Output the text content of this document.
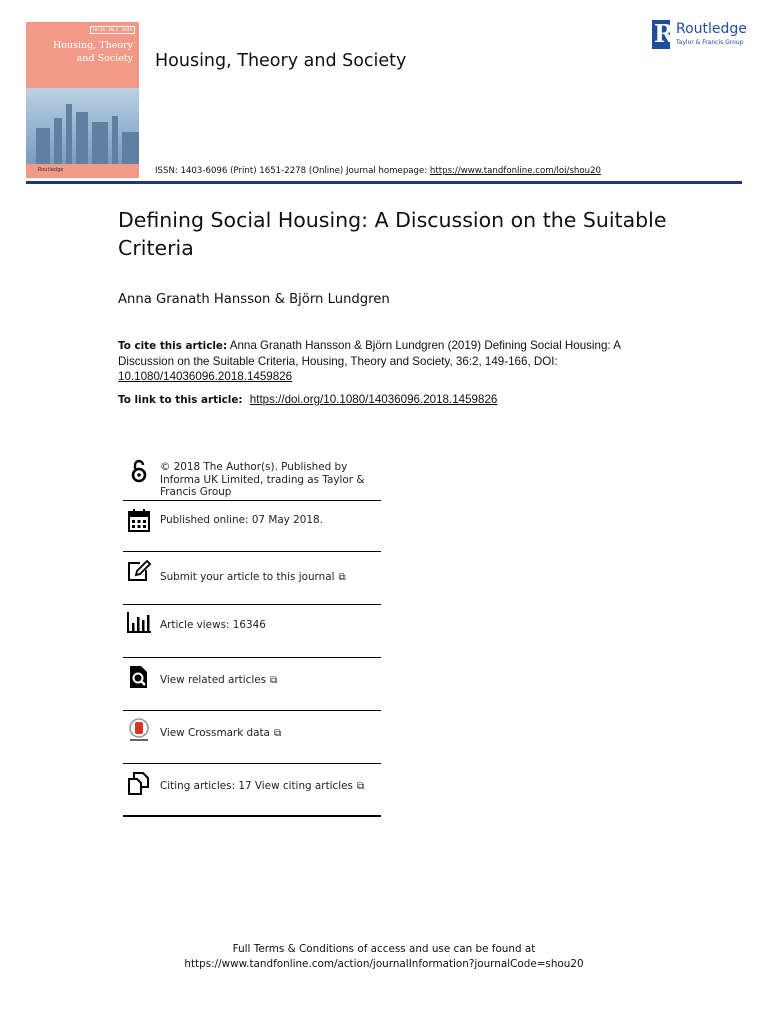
Vol 36 · No 2 · 2019
Housing, Theory
and Society
Routledge
Housing, Theory and Society
R Routledge
Taylor & Francis Group
ISSN: 1403-6096 (Print) 1651-2278 (Online) Journal homepage: https://www.tandfonline.com/loi/shou20
Defining Social Housing: A Discussion on the Suitable Criteria
Anna Granath Hansson & Björn Lundgren
To cite this article: Anna Granath Hansson & Björn Lundgren (2019) Defining Social Housing: A Discussion on the Suitable Criteria, Housing, Theory and Society, 36:2, 149-166, DOI: 10.1080/14036096.2018.1459826
To link to this article: https://doi.org/10.1080/14036096.2018.1459826
© 2018 The Author(s). Published by Informa UK Limited, trading as Taylor & Francis Group
Published online: 07 May 2018.
Submit your article to this journal ⧉
Article views: 16346
View related articles ⧉
View Crossmark data ⧉
Citing articles: 17 View citing articles ⧉
Full Terms & Conditions of access and use can be found at
https://www.tandfonline.com/action/journalInformation?journalCode=shou20
